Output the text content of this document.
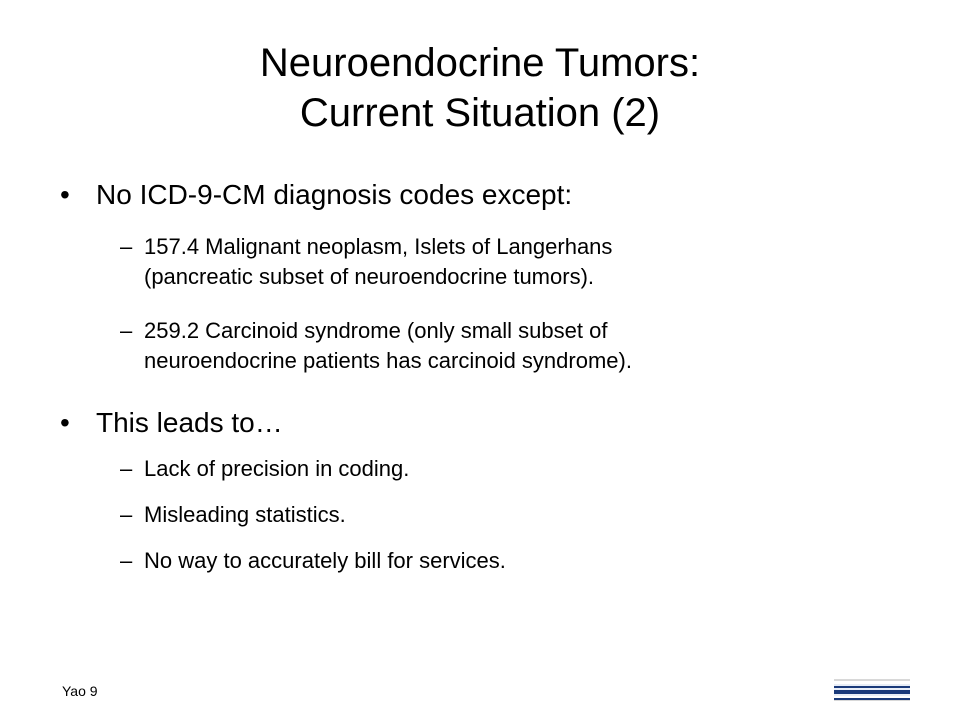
Neuroendocrine Tumors:
Current Situation (2)
• No ICD-9-CM diagnosis codes except:
– 157.4 Malignant neoplasm, Islets of Langerhans
(pancreatic subset of neuroendocrine tumors).
– 259.2 Carcinoid syndrome (only small subset of
neuroendocrine patients has carcinoid syndrome).
• This leads to…
– Lack of precision in coding.
– Misleading statistics.
– No way to accurately bill for services.
Yao 9
